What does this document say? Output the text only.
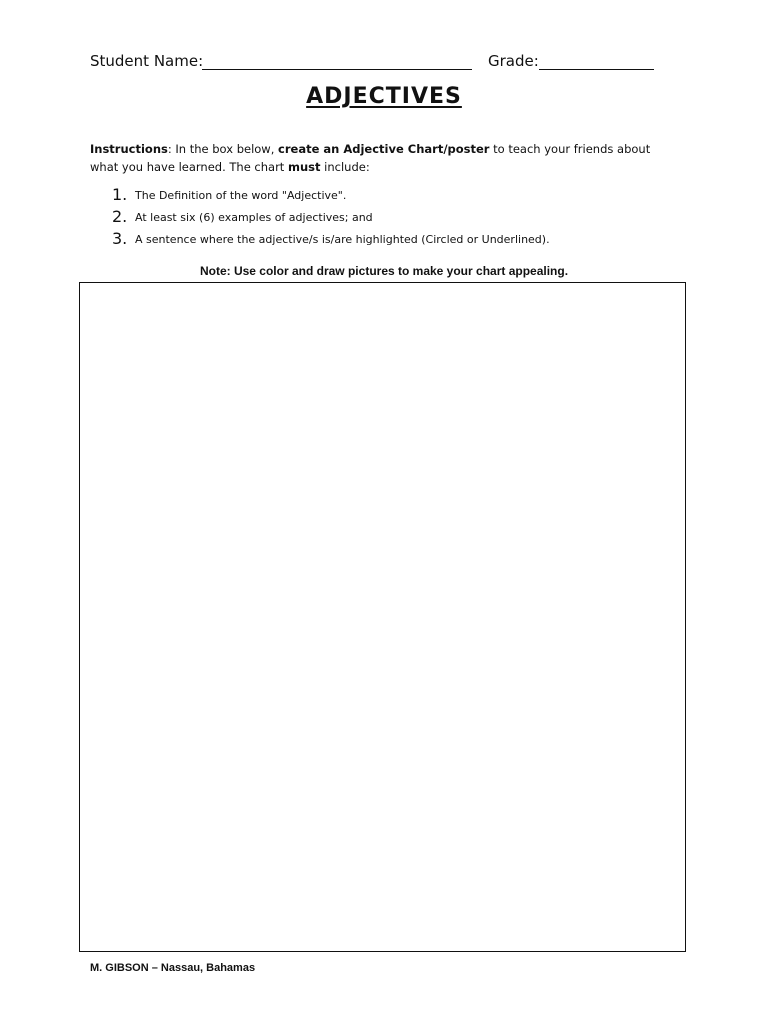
Student Name:	Grade:
ADJECTIVES
Instructions: In the box below, create an Adjective Chart/poster to teach your friends about what you have learned. The chart must include:
1. The Definition of the word "Adjective".
2. At least six (6) examples of adjectives; and
3. A sentence where the adjective/s is/are highlighted (Circled or Underlined).
Note: Use color and draw pictures to make your chart appealing.
M. GIBSON – Nassau, Bahamas
